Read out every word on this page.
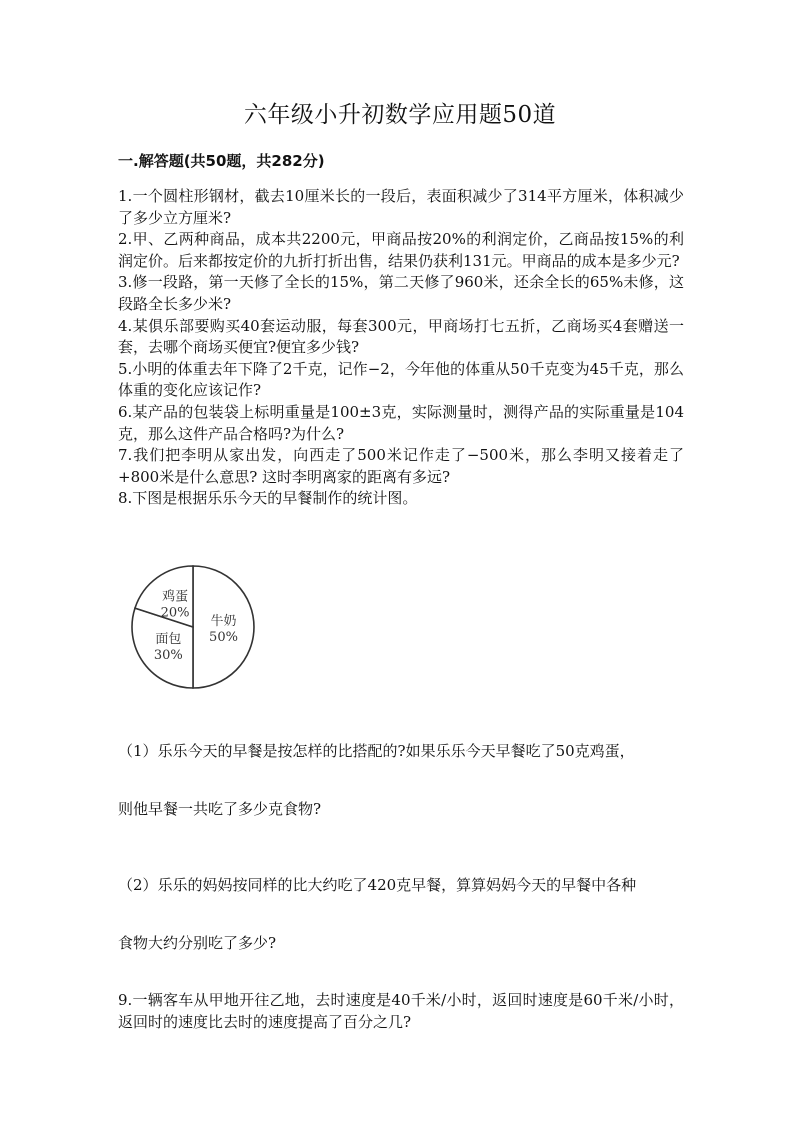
六年级小升初数学应用题50道
一.解答题(共50题，共282分)

1.一个圆柱形钢材，截去10厘米长的一段后，表面积减少了314平方厘米，体积减少了多少立方厘米?

2.甲、乙两种商品，成本共2200元，甲商品按20%的利润定价，乙商品按15%的利润定价。后来都按定价的九折打折出售，结果仍获利131元。甲商品的成本是多少元?

3.修一段路，第一天修了全长的15%，第二天修了960米，还余全长的65%未修，这段路全长多少米?

4.某俱乐部要购买40套运动服，每套300元，甲商场打七五折，乙商场买4套赠送一套，去哪个商场买便宜?便宜多少钱?

5.小明的体重去年下降了2千克，记作−2，今年他的体重从50千克变为45千克，那么体重的变化应该记作?

6.某产品的包装袋上标明重量是100±3克，实际测量时，测得产品的实际重量是104克，那么这件产品合格吗?为什么?

7.我们把李明从家出发，向西走了500米记作走了−500米，那么李明又接着走了+800米是什么意思? 这时李明离家的距离有多远?

8.下图是根据乐乐今天的早餐制作的统计图。

牛奶
50%
面包
30%
鸡蛋
20%
（1）乐乐今天的早餐是按怎样的比搭配的?如果乐乐今天早餐吃了50克鸡蛋，
则他早餐一共吃了多少克食物?
（2）乐乐的妈妈按同样的比大约吃了420克早餐，算算妈妈今天的早餐中各种
食物大约分别吃了多少?
9.一辆客车从甲地开往乙地，去时速度是40千米/小时，返回时速度是60千米/小时，返回时的速度比去时的速度提高了百分之几?
